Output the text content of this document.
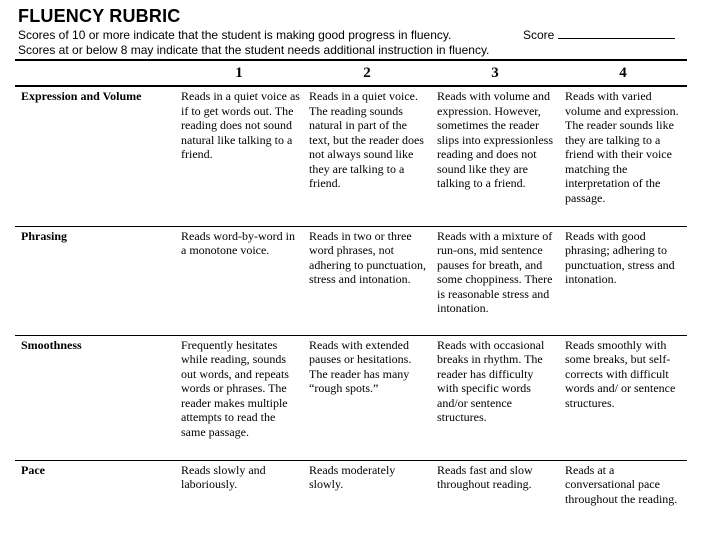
FLUENCY RUBRIC
Scores of 10 or more indicate that the student is making good progress in fluency.
Scores at or below 8 may indicate that the student needs additional instruction in fluency.
Score
	1	2	3	4
Expression and Volume	Reads in a quiet voice as if to get words out. The reading does not sound natural like talking to a friend.	Reads in a quiet voice. The reading sounds natural in part of the text, but the reader does not always sound like they are talking to a friend.	Reads with volume and expression. However, sometimes the reader slips into expressionless reading and does not sound like they are talking to a friend.	Reads with varied volume and expression. The reader sounds like they are talking to a friend with their voice matching the interpretation of the passage.
Phrasing	Reads word-by-word in a monotone voice.	Reads in two or three word phrases, not adhering to punctuation, stress and intonation.	Reads with a mixture of run-ons, mid sentence pauses for breath, and some choppiness. There is reasonable stress and intonation.	Reads with good phrasing; adhering to punctuation, stress and intonation.
Smoothness	Frequently hesitates while reading, sounds out words, and repeats words or phrases. The reader makes multiple attempts to read the same passage.	Reads with extended pauses or hesitations. The reader has many “rough spots.”	Reads with occasional breaks in rhythm. The reader has difficulty with specific words and/or sentence structures.	Reads smoothly with some breaks, but self-corrects with difficult words and/ or sentence structures.
Pace	Reads slowly and laboriously.	Reads moderately slowly.	Reads fast and slow throughout reading.	Reads at a conversational pace throughout the reading.
